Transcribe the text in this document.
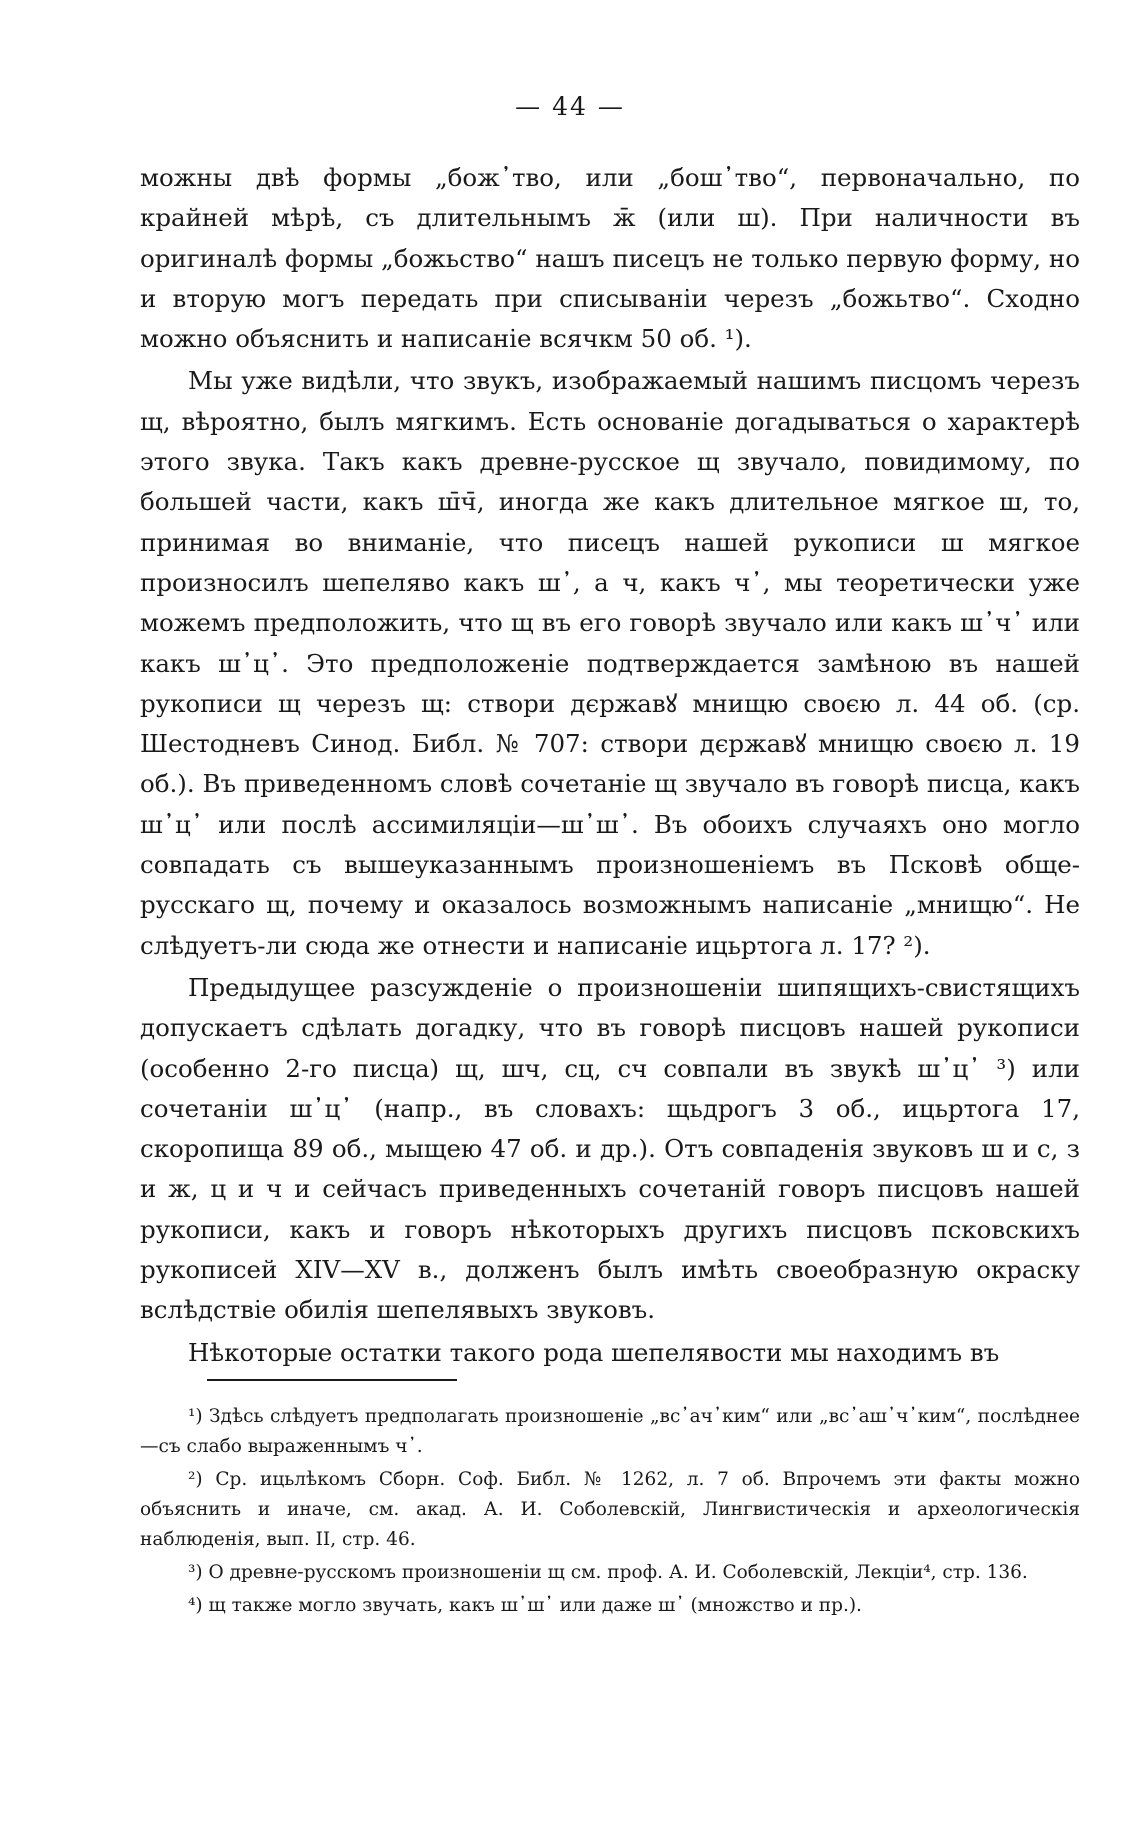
— 44 —

можны двѣ формы „бож᾽тво, или „бош᾽тво“, первоначально, по крайней мѣрѣ, съ длительнымъ ж̄ (или ш). При наличности въ оригиналѣ формы „божьство“ нашъ писецъ не только первую форму, но и вторую могъ передать при списываніи черезъ „божьтво“. Сходно можно объяснить и написаніе всячкм 50 об. ¹).

Мы уже видѣли, что звукъ, изображаемый нашимъ писцомъ черезъ щ, вѣроятно, былъ мягкимъ. Есть основаніе догадываться о характерѣ этого звука. Такъ какъ древне-русское щ звучало, повидимому, по большей части, какъ ш̄ч̄, иногда же какъ длительное мягкое ш, то, принимая во вниманіе, что писецъ нашей рукописи ш мягкое произносилъ шепеляво какъ ш᾽, а ч, какъ ч᾽, мы теоретически уже можемъ предположить, что щ въ его говорѣ звучало или какъ ш᾽ч᾽ или какъ ш᾽ц᾽. Это предположеніе подтверждается замѣною въ нашей рукописи щ черезъ щ: створи дєржавꙋ мнищю своєю л. 44 об. (ср. Шестодневъ Синод. Библ. № 707: створи дєржавꙋ мнищю своєю л. 19 об.). Въ приведенномъ словѣ сочетаніе щ звучало въ говорѣ писца, какъ ш᾽ц᾽ или послѣ ассимиляціи—ш᾽ш᾽. Въ обоихъ случаяхъ оно могло совпадать съ вышеуказаннымъ произношеніемъ въ Псковѣ обще-русскаго щ, почему и оказалось возможнымъ написаніе „мнищю“. Не слѣдуетъ-ли сюда же отнести и написаніе ицьртога л. 17? ²).

Предыдущее разсужденіе о произношеніи шипящихъ-свистящихъ допускаетъ сдѣлать догадку, что въ говорѣ писцовъ нашей рукописи (особенно 2-го писца) щ, шч, сц, сч совпали въ звукѣ ш᾽ц᾽ ³) или сочетаніи ш᾽ц᾽ (напр., въ словахъ: щьдрогъ 3 об., ицьртога 17, скоропища 89 об., мыщею 47 об. и др.). Отъ совпаденія звуковъ ш и с, з и ж, ц и ч и сейчасъ приведенныхъ сочетаній говоръ писцовъ нашей рукописи, какъ и говоръ нѣкоторыхъ другихъ писцовъ псковскихъ рукописей XIV—XV в., долженъ былъ имѣть своеобразную окраску вслѣдствіе обилія шепелявыхъ звуковъ.

Нѣкоторые остатки такого рода шепелявости мы находимъ въ

¹) Здѣсь слѣдуетъ предполагать произношеніе „вс᾽ач᾽ким“ или „вс᾽аш᾽ч᾽ким“, послѣднее—съ слабо выраженнымъ ч᾽.

²) Ср. ицьлѣкомъ Сборн. Соф. Библ. № 1262, л. 7 об. Впрочемъ эти факты можно объяснить и иначе, см. акад. А. И. Соболевскій, Лингвистическія и археологическія наблюденія, вып. II, стр. 46.

³) О древне-русскомъ произношеніи щ см. проф. А. И. Соболевскій, Лекціи⁴, стр. 136.

⁴) щ также могло звучать, какъ ш᾽ш᾽ или даже ш᾽ (множство и пр.).
